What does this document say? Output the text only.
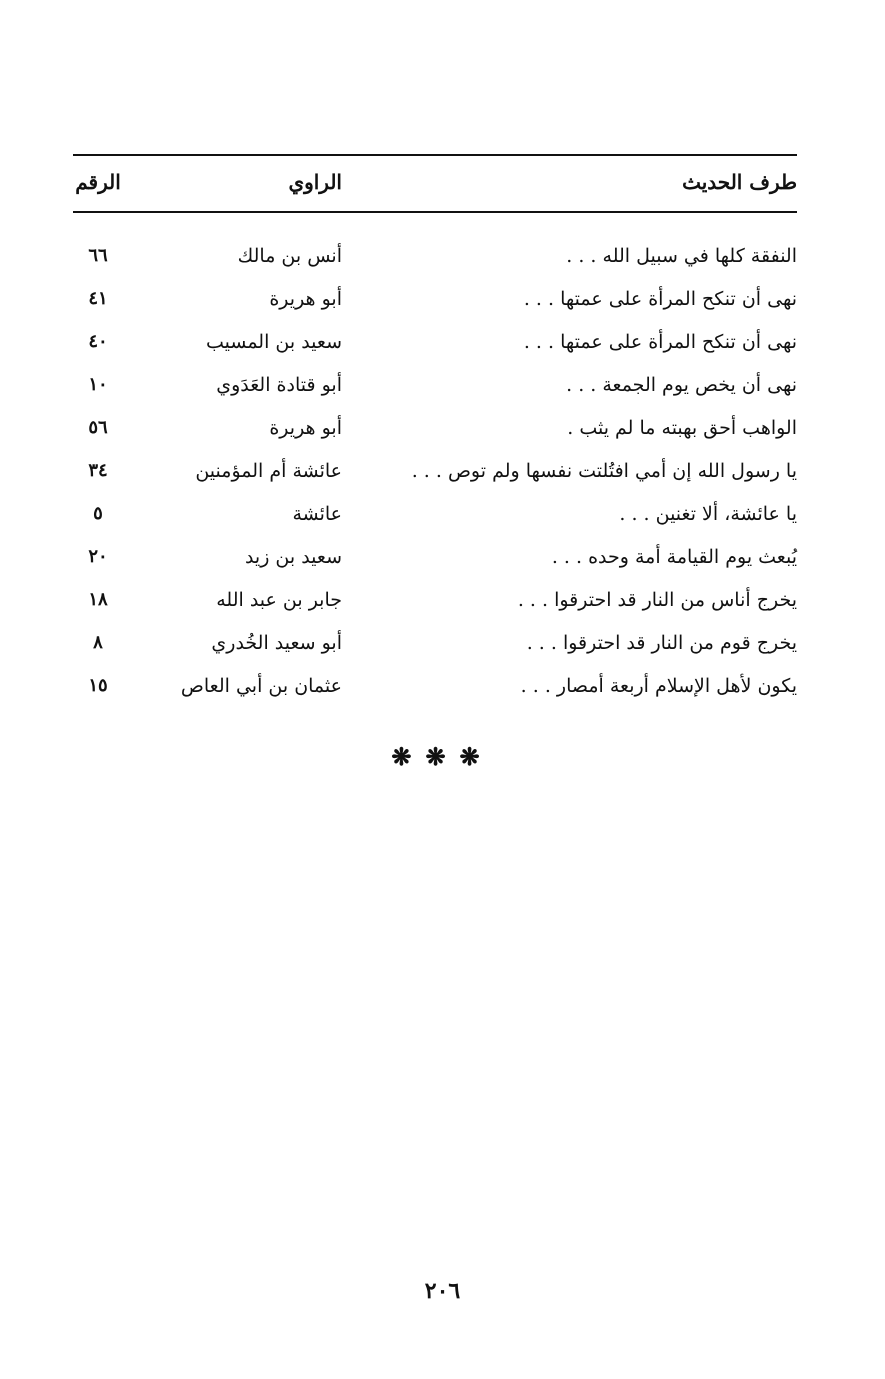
طرف الحديث
الراوي
الرقم
النفقة كلها في سبيل الله . . .
أنس بن مالك
٦٦
نهى أن تنكح المرأة على عمتها . . .
أبو هريرة
٤١
نهى أن تنكح المرأة على عمتها . . .
سعيد بن المسيب
٤٠
نهى أن يخص يوم الجمعة . . .
أبو قتادة العَدَوي
١٠
الواهب أحق بهبته ما لم يثب .
أبو هريرة
٥٦
يا رسول الله إن أمي افتُلتت نفسها ولم توص . . .
عائشة أم المؤمنين
٣٤
يا عائشة، ألا تغنين . . .
عائشة
٥
يُبعث يوم القيامة أمة وحده . . .
سعيد بن زيد
٢٠
يخرج أناس من النار قد احترقوا . . .
جابر بن عبد الله
١٨
يخرج قوم من النار قد احترقوا . . .
أبو سعيد الخُدري
٨
يكون لأهل الإسلام أربعة أمصار . . .
عثمان بن أبي العاص
١٥
❋❋❋
٢٠٦
